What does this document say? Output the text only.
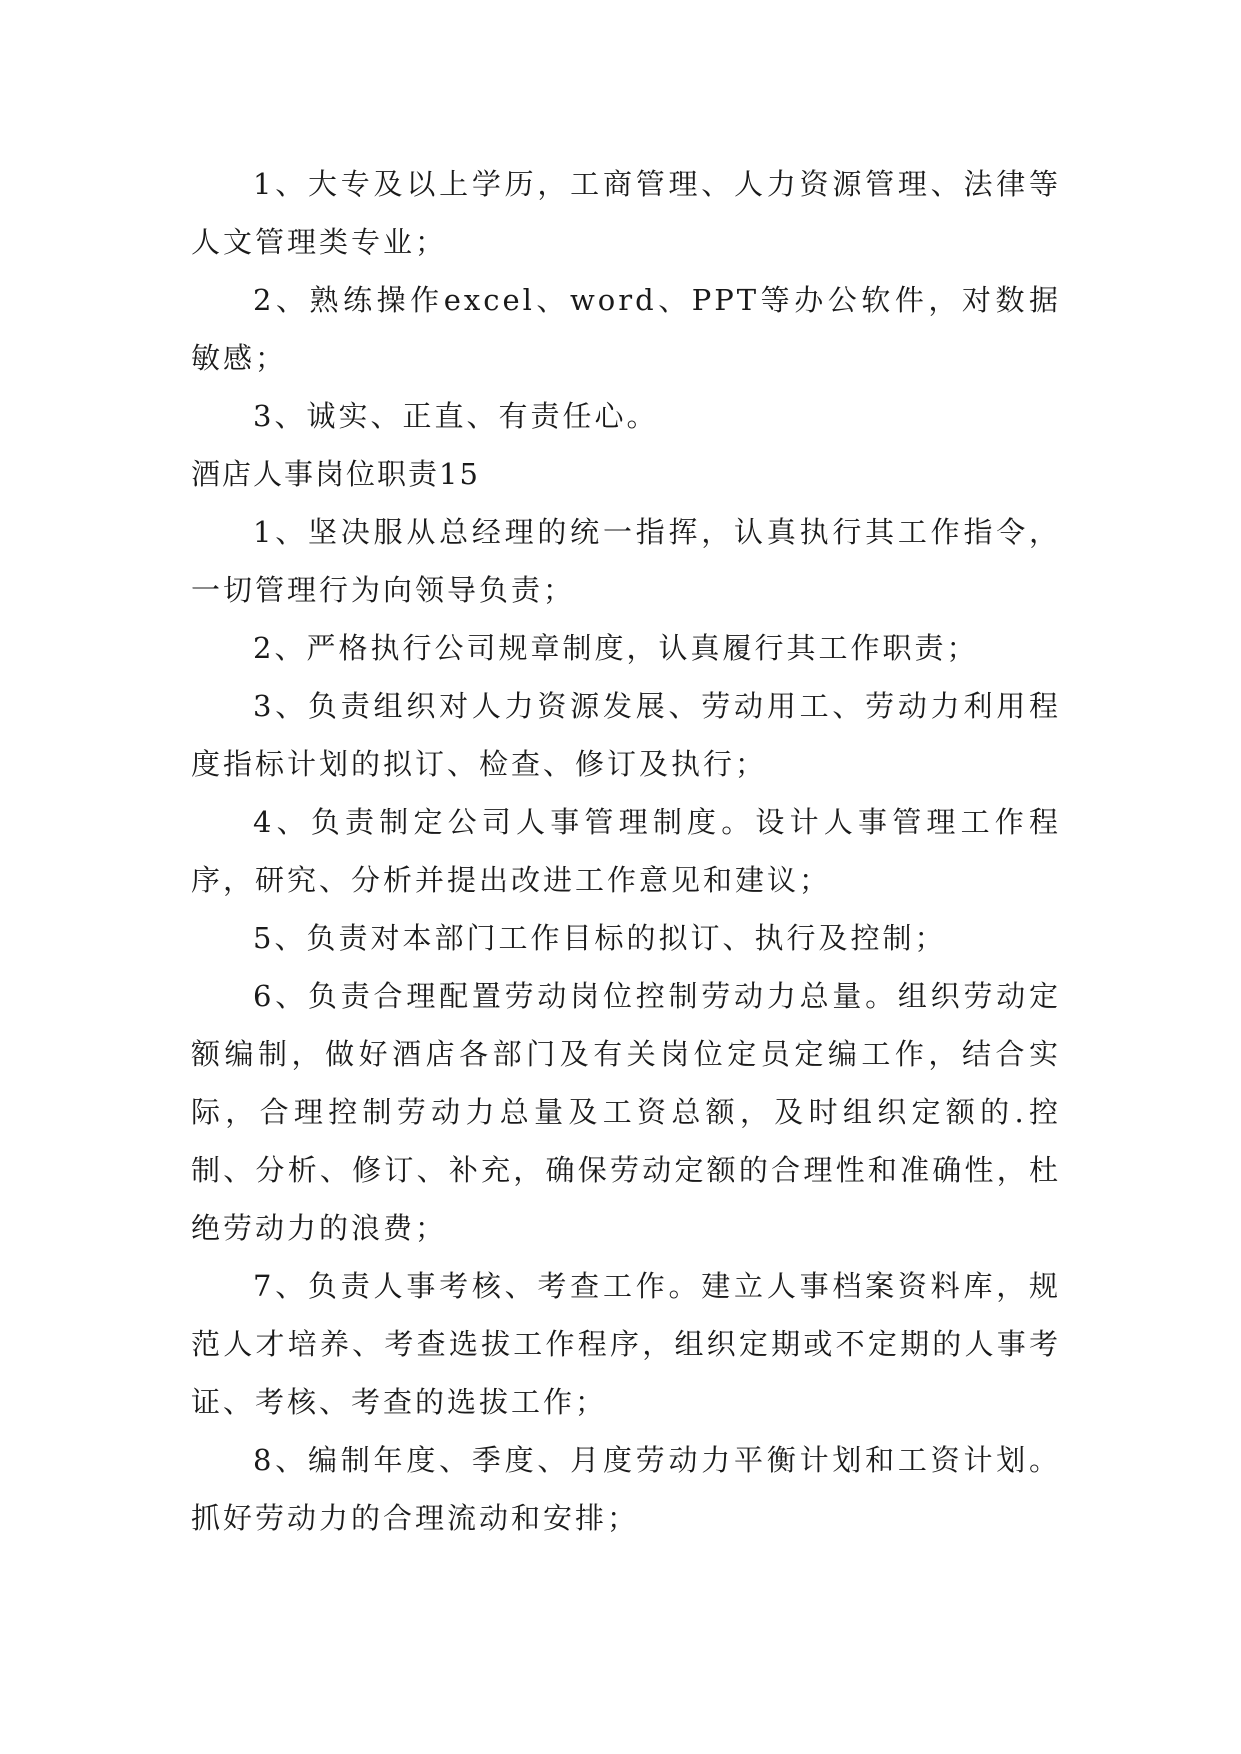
1、大专及以上学历，工商管理、人力资源管理、法律等人文管理类专业；

2、熟练操作excel、word、PPT等办公软件，对数据敏感；

3、诚实、正直、有责任心。

酒店人事岗位职责15

1、坚决服从总经理的统一指挥，认真执行其工作指令，一切管理行为向领导负责；

2、严格执行公司规章制度，认真履行其工作职责；

3、负责组织对人力资源发展、劳动用工、劳动力利用程度指标计划的拟订、检查、修订及执行；

4、负责制定公司人事管理制度。设计人事管理工作程序，研究、分析并提出改进工作意见和建议；

5、负责对本部门工作目标的拟订、执行及控制；

6、负责合理配置劳动岗位控制劳动力总量。组织劳动定额编制，做好酒店各部门及有关岗位定员定编工作，结合实际，合理控制劳动力总量及工资总额，及时组织定额的.控制、分析、修订、补充，确保劳动定额的合理性和准确性，杜绝劳动力的浪费；

7、负责人事考核、考查工作。建立人事档案资料库，规范人才培养、考查选拔工作程序，组织定期或不定期的人事考证、考核、考查的选拔工作；

8、编制年度、季度、月度劳动力平衡计划和工资计划。抓好劳动力的合理流动和安排；
